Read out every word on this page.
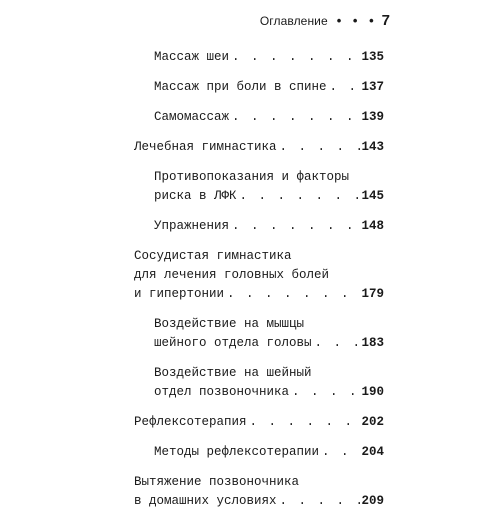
Оглавление • • • 7
Массаж шеи . . .	135
Массаж при боли в спине . . .	137
Самомассаж . . .	139
Лечебная гимнастика . . .	143
Противопоказания и факторы
риска в ЛФК . . .	145
Упражнения . . .	148
Сосудистая гимнастика
для лечения головных болей
и гипертонии . . .	179
Воздействие на мышцы
шейного отдела головы . . .	183
Воздействие на шейный
отдел позвоночника . . .	190
Рефлексотерапия . . .	202
Методы рефлексотерапии . . .	204
Вытяжение позвоночника
в домашних условиях . . .	209
